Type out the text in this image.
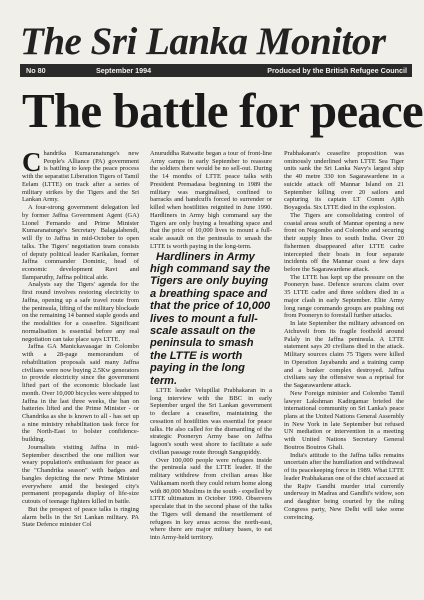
The Sri Lanka Monitor
No 80	September 1994	Produced by the British Refugee Council
The battle for peace

Chandrika Kumaranatunge's new People's Alliance (PA) government is battling to keep the peace process with the separatist Liberation Tigers of Tamil Eelam (LTTE) on track after a series of military strikes by the Tigers and the Sri Lankan Army.

A four-strong government delegation led by former Jaffna Government Agent (GA) Lionel Fernando and Prime Minister Kumaranatunge's Secretary Balagalabendi, will fly to Jaffna in mid-October to open talks. The Tigers' negotiation team consists of deputy political leader Karikalan, former Jaffna commander Dominic, head of economic development Ravi and Ilamparuthy, Jaffna political aide.

Analysts say the Tigers' agenda for the first round involves restoring electricity to Jaffna, opening up a safe travel route from the peninsula, lifting of the military blockade on the remaining 14 banned staple goods and the modalities for a ceasefire. Significant normalisation is essential before any real negotiation can take place says LTTE.

Jaffna GA Manickavasagar in Colombo with a 28-page memorandum of rehabilitation proposals said many Jaffna civilians were now buying 2.5Kw generators to provide electricity since the government lifted part of the economic blockade last month. Over 10,000 bicycles were shipped to Jaffna in the last three weeks, the ban on batteries lifted and the Prime Minister - or Chandrika as she is known to all - has set up a nine ministry rehabilitation task force for the North-East to bolster confidence-building.

Journalists visiting Jaffna in mid-September described the one million war weary population's enthusiasm for peace as the "Chandrika season" with badges and bangles depicting the new Prime Minister everywhere amid the besieged city's permanent propaganda display of life-size cutouts of teenage fighters killed in battle.

But the prospect of peace talks is ringing alarm bells in the Sri Lankan military. PA State Defence minister Col

Anuruddha Ratwatte began a tour of front-line Army camps in early September to reassure the soldiers there would be no sell-out. During the 14 months of LTTE peace talks with President Premadasa beginning in 1989 the military was marginalised, confined to barracks and handcuffs forced to surrender or killed when hostilities reignited in June 1990. Hardliners in Army high command say the Tigers are only buying a breathing space and that the price of 10,000 lives to mount a full-scale assault on the peninsula to smash the LTTE is worth paying in the long-term.

Hardliners in Army high command say the Tigers are only buying a breathing space and that the price of 10,000 lives to mount a full-scale assault on the peninsula to smash the LTTE is worth paying in the long term.

LTTE leader Velupillai Prabhakaran in a long interview with the BBC in early September urged the Sri Lankan government to declare a ceasefire, maintaining the cessation of hostilities was essential for peace talks. He also called for the dismantling of the strategic Pooneryn Army base on Jaffna lagoon's south west shore to facilitate a safe civilian passage route through Sangupiddy.

Over 100,000 people were refugees inside the peninsula said the LTTE leader. If the military withdrew from civilian areas like Valikamam north they could return home along with 80,000 Muslims in the south - expelled by LTTE ultimatum in October 1990. Observers speculate that in the second phase of the talks the Tigers will demand the resettlement of refugees in key areas across the north-east, where there are major military bases, to eat into Army-held territory.

Prabhakaran's ceasefire proposition was ominously underlined when LTTE Sea Tiger units sank the Sri Lanka Navy's largest ship the 40 metre 330 ton Sagarawardene in a suicide attack off Mannar Island on 21 September killing over 20 sailors and capturing its captain LT Comm Ajith Boyagoda. Six LTTE died in the explosion.

The Tigers are consolidating control of coastal areas south of Mannar opening a new front on Negombo and Colombo and securing their supply lines to south India. Over 20 fishermen disappeared after LTTE cadre intercepted their boats in four separate incidents off the Mannar coast a few days before the Sagarawardene attack.

The LTTE has kept up the pressure on the Pooneryn base. Defence sources claim over 35 LTTE cadre and three soldiers died in a major clash in early September. Elite Army long range commando groups are pushing out from Pooneryn to forestall further attacks.

In late September the military advanced on Atchuveli from its fragile foothold around Palaly in the Jaffna peninsula. A LTTE statement says 20 civilians died in the attack. Military sources claim 75 Tigers were killed in Operation Jayabandu and a training camp and a bunker complex destroyed. Jaffna civilians say the offensive was a reprisal for the Sagarawardene attack.

New Foreign minister and Colombo Tamil lawyer Lakshman Kadirgamar briefed the international community on Sri Lanka's peace plans at the United Nations General Assembly in New York in late September but refused UN mediation or intervention in a meeting with United Nations Secretary General Boutros Boutros Ghali.

India's attitude to the Jaffna talks remains uncertain after the humiliation and withdrawal of its peacekeeping force in 1989. What LTTE leader Prabhakaran one of the chief accused at the Rajiv Gandhi murder trial currently underway in Madras and Gandhi's widow, son and daughter being courted by the ruling Congress party, New Delhi will take some convincing.
